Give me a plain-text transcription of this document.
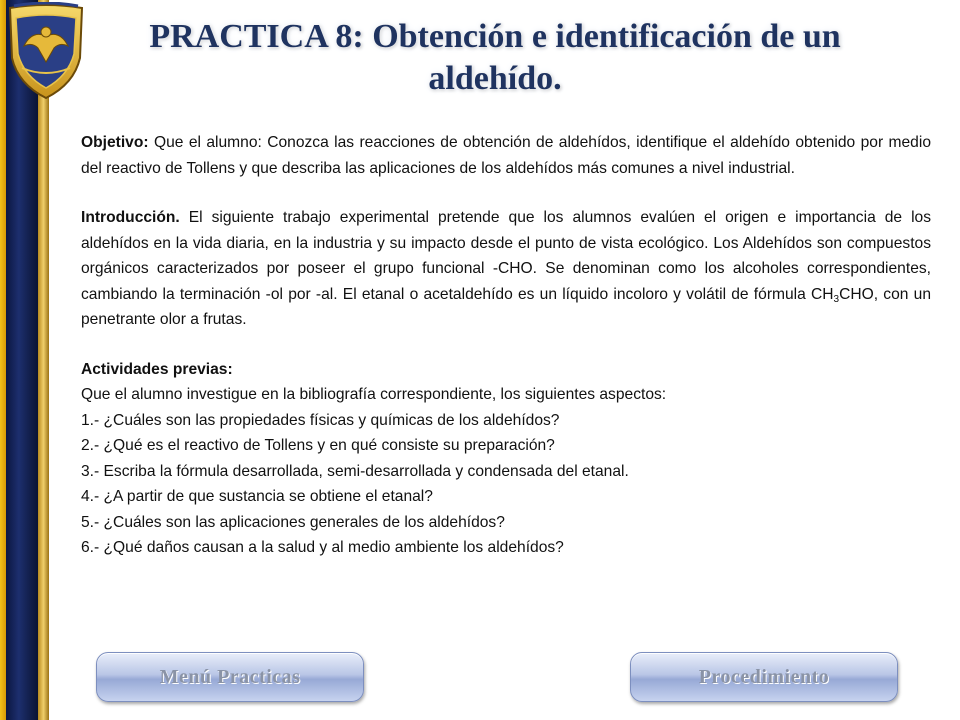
PRACTICA 8: Obtención e identificación de un aldehído.

Objetivo: Que el alumno: Conozca las reacciones de obtención de aldehídos, identifique el aldehído obtenido por medio del reactivo de Tollens y que describa las aplicaciones de los aldehídos más comunes a nivel industrial.

Introducción. El siguiente trabajo experimental pretende que los alumnos evalúen el origen e importancia de los aldehídos en la vida diaria, en la industria y su impacto desde el punto de vista ecológico. Los Aldehídos son compuestos orgánicos caracterizados por poseer el grupo funcional -CHO. Se denominan como los alcoholes correspondientes, cambiando la terminación -ol por -al. El etanal o acetaldehído es un líquido incoloro y volátil de fórmula $CH_3CHO$, con un penetrante olor a frutas.

Actividades previas:
Que el alumno investigue en la bibliografía correspondiente, los siguientes aspectos:
1.- ¿Cuáles son las propiedades físicas y químicas de los aldehídos?
2.- ¿Qué es el reactivo de Tollens y en qué consiste su preparación?
3.- Escriba la fórmula desarrollada, semi-desarrollada y condensada del etanal.
4.- ¿A partir de que sustancia se obtiene el etanal?
5.- ¿Cuáles son las aplicaciones generales de los aldehídos?
6.- ¿Qué daños causan a la salud y al medio ambiente los aldehídos?
Menú Practicas	Procedimiento
